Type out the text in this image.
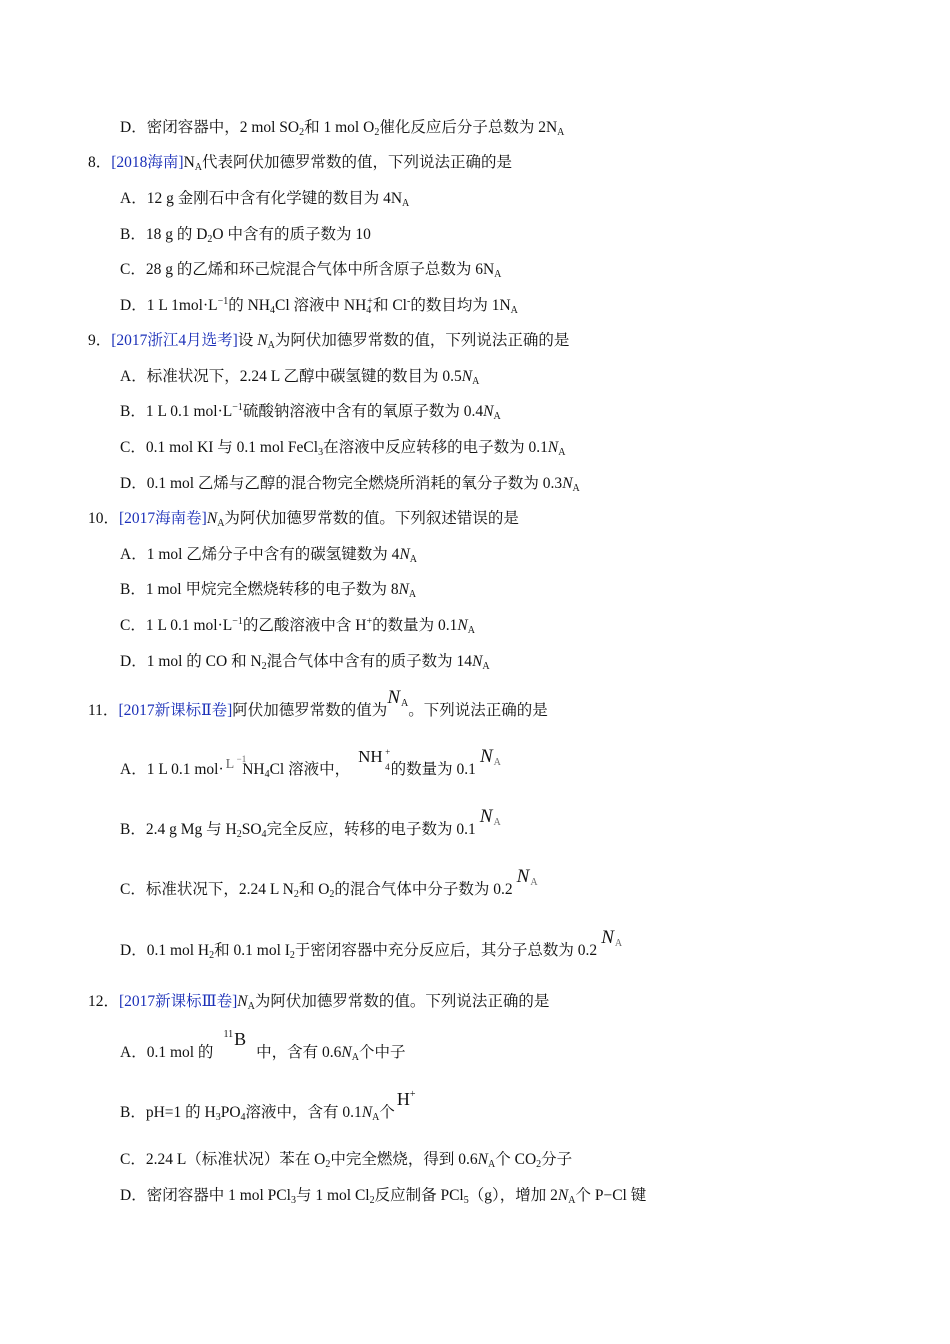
D．密闭容器中，2 mol $SO_2$和 1 mol $O_2$催化反应后分子总数为 $2N_A$
8．[2018海南]$N_A$代表阿伏加德罗常数的值，下列说法正确的是
A．12 g 金刚石中含有化学键的数目为 $4N_A$
B．18 g 的 $D_2O$ 中含有的质子数为 10
C．28 g 的乙烯和环己烷混合气体中所含原子总数为 $6N_A$
D．1 L $1mol\cdot L^{-1}$的 $NH_4Cl$ 溶液中 $NH_4^+$和 Cl-的数目均为 $1N_A$
9．[2017浙江4月选考]设 $N_A$为阿伏加德罗常数的值，下列说法正确的是
A．标准状况下，2.24 L 乙醇中碳氢键的数目为 $0.5N_A$
B．1 L 0.1 $mol\cdot L^{-1}$硫酸钠溶液中含有的氧原子数为 $0.4N_A$
C．0.1 mol KI 与 0.1 mol FeCl$_3$在溶液中反应转移的电子数为 $0.1N_A$
D．0.1 mol 乙烯与乙醇的混合物完全燃烧所消耗的氧分子数为 $0.3N_A$
10．[2017海南卷]$N_A$为阿伏加德罗常数的值。下列叙述错误的是
A．1 mol 乙烯分子中含有的碳氢键数为 $4N_A$
B．1 mol 甲烷完全燃烧转移的电子数为 $8N_A$
C．1 L 0.1 $mol\cdot L^{-1}$的乙酸溶液中含 H+的数量为 $0.1N_A$
D．1 mol 的 CO 和 $N_2$混合气体中含有的质子数为 $14N_A$
11．[2017新课标Ⅱ卷]阿伏加德罗常数的值为$N^A$。下列说法正确的是
A．1 L 0.1 mol· L −1
$NH_4Cl$ 溶液中，NH +
4 的数量为 $0.1N^A$
B．2.4 g Mg 与 $H_2SO_4$完全反应，转移的电子数为 $0.1N^A$
C．标准状况下，2.24 L $N_2$和 $O_2$的混合气体中分子数为 $0.2N^A$
D．0.1 mol $H_2$和 0.1 mol $I_2$于密闭容器中充分反应后，其分子总数为 $0.2N^A$
12．[2017新课标Ⅲ卷]$N_A$为阿伏加德罗常数的值。下列说法正确的是
A．0.1 mol 的$^{11}$B中，含有 $0.6N_A$个中子
B．pH=1 的 $H_3PO_4$溶液中，含有 $0.1N_A$个H+
C．2.24 L（标准状况）苯在 $O_2$中完全燃烧，得到 $0.6N_A$个 $CO_2$分子
D．密闭容器中 1 mol PCl$_3$与 1 mol $Cl_2$反应制备 PCl$_5$（g），增加 $2N_A$个 P−Cl 键
